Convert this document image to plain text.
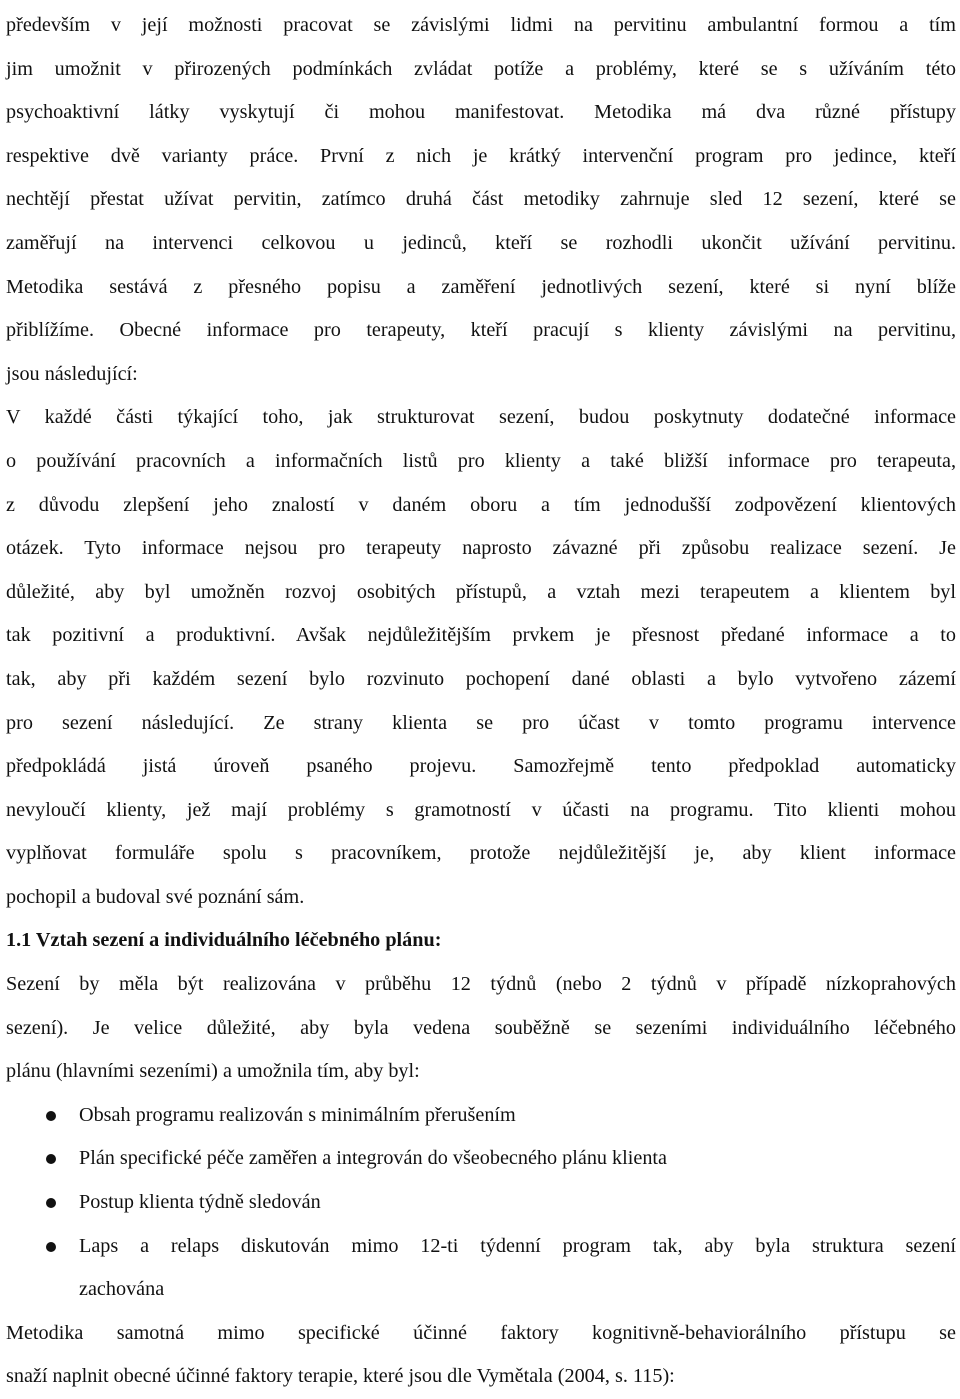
především v její možnosti pracovat se závislými lidmi na pervitinu ambulantní formou a tím
jim umožnit v přirozených podmínkách zvládat potíže a problémy, které se s užíváním této
psychoaktivní látky vyskytují či mohou manifestovat. Metodika má dva různé přístupy
respektive dvě varianty práce. První z nich je krátký intervenční program pro jedince, kteří
nechtějí přestat užívat pervitin, zatímco druhá část metodiky zahrnuje sled 12 sezení, které se
zaměřují na intervenci celkovou u jedinců, kteří se rozhodli ukončit užívání pervitinu.
Metodika sestává z přesného popisu a zaměření jednotlivých sezení, které si nyní blíže
přiblížíme. Obecné informace pro terapeuty, kteří pracují s klienty závislými na pervitinu,
jsou následující:
V každé části týkající toho, jak strukturovat sezení, budou poskytnuty dodatečné informace
o používání pracovních a informačních listů pro klienty a také bližší informace pro terapeuta,
z důvodu zlepšení jeho znalostí v daném oboru a tím jednodušší zodpovězení klientových
otázek. Tyto informace nejsou pro terapeuty naprosto závazné při způsobu realizace sezení. Je
důležité, aby byl umožněn rozvoj osobitých přístupů, a vztah mezi terapeutem a klientem byl
tak pozitivní a produktivní. Avšak nejdůležitějším prvkem je přesnost předané informace a to
tak, aby při každém sezení bylo rozvinuto pochopení dané oblasti a bylo vytvořeno zázemí
pro sezení následující. Ze strany klienta se pro účast v tomto programu intervence
předpokládá jistá úroveň psaného projevu. Samozřejmě tento předpoklad automaticky
nevyloučí klienty, jež mají problémy s gramotností v účasti na programu. Tito klienti mohou
vyplňovat formuláře spolu s pracovníkem, protože nejdůležitější je, aby klient informace
pochopil a budoval své poznání sám.
1.1 Vztah sezení a individuálního léčebného plánu:
Sezení by měla být realizována v průběhu 12 týdnů (nebo 2 týdnů v případě nízkoprahových
sezení). Je velice důležité, aby byla vedena souběžně se sezeními individuálního léčebného
plánu (hlavními sezeními) a umožnila tím, aby byl:
Obsah programu realizován s minimálním přerušením
Plán specifické péče zaměřen a integrován do všeobecného plánu klienta
Postup klienta týdně sledován
Laps a relaps diskutován mimo 12-ti týdenní program tak, aby byla struktura sezení
zachována
Metodika samotná mimo specifické účinné faktory kognitivně-behaviorálního přístupu se
snaží naplnit obecné účinné faktory terapie, které jsou dle Vymětala (2004, s. 115):
